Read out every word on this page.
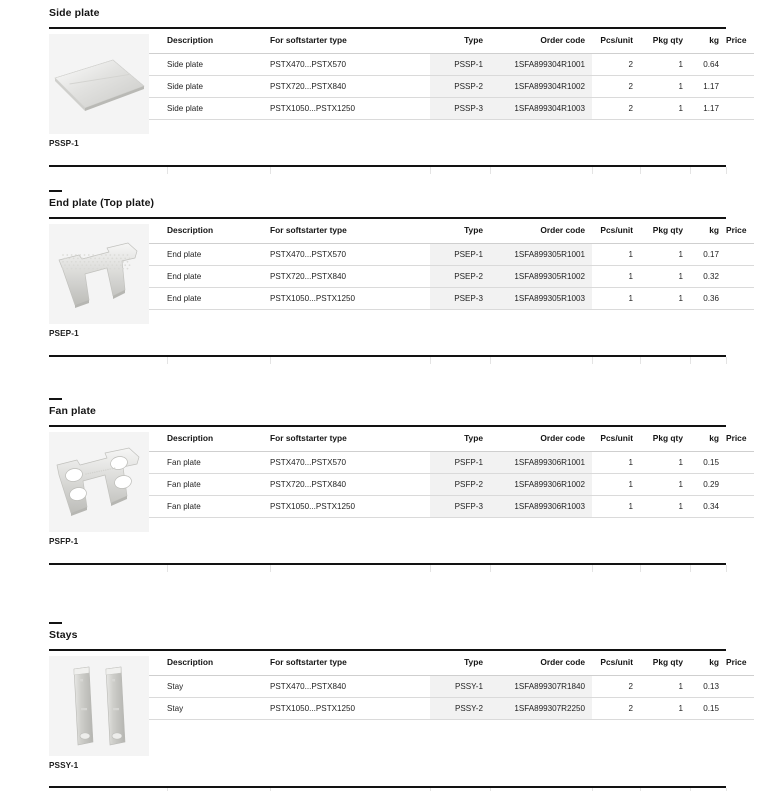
Side plate
Description	For softstarter type	Type	Order code	Pcs/unit	Pkg qty	kg Price

Side plate	PSTX470...PSTX570	PSSP-1	1SFA899304R1001	2	1	0.64

Side plate	PSTX720...PSTX840	PSSP-2	1SFA899304R1002	2	1	1.17

Side plate	PSTX1050...PSTX1250	PSSP-3	1SFA899304R1003	2	1	1.17

PSSP-1
End plate (Top plate)
Description	For softstarter type	Type	Order code	Pcs/unit	Pkg qty	kg Price

End plate	PSTX470...PSTX570	PSEP-1	1SFA899305R1001	1	1	0.17

End plate	PSTX720...PSTX840	PSEP-2	1SFA899305R1002	1	1	0.32

End plate	PSTX1050...PSTX1250	PSEP-3	1SFA899305R1003	1	1	0.36

PSEP-1
Fan plate
Description	For softstarter type	Type	Order code	Pcs/unit	Pkg qty	kg Price

Fan plate	PSTX470...PSTX570	PSFP-1	1SFA899306R1001	1	1	0.15

Fan plate	PSTX720...PSTX840	PSFP-2	1SFA899306R1002	1	1	0.29

Fan plate	PSTX1050...PSTX1250	PSFP-3	1SFA899306R1003	1	1	0.34

PSFP-1
Stays
Description	For softstarter type	Type	Order code	Pcs/unit	Pkg qty	kg Price

Stay	PSTX470...PSTX840	PSSY-1	1SFA899307R1840	2	1	0.13

Stay	PSTX1050...PSTX1250	PSSY-2	1SFA899307R2250	2	1	0.15

PSSY-1
